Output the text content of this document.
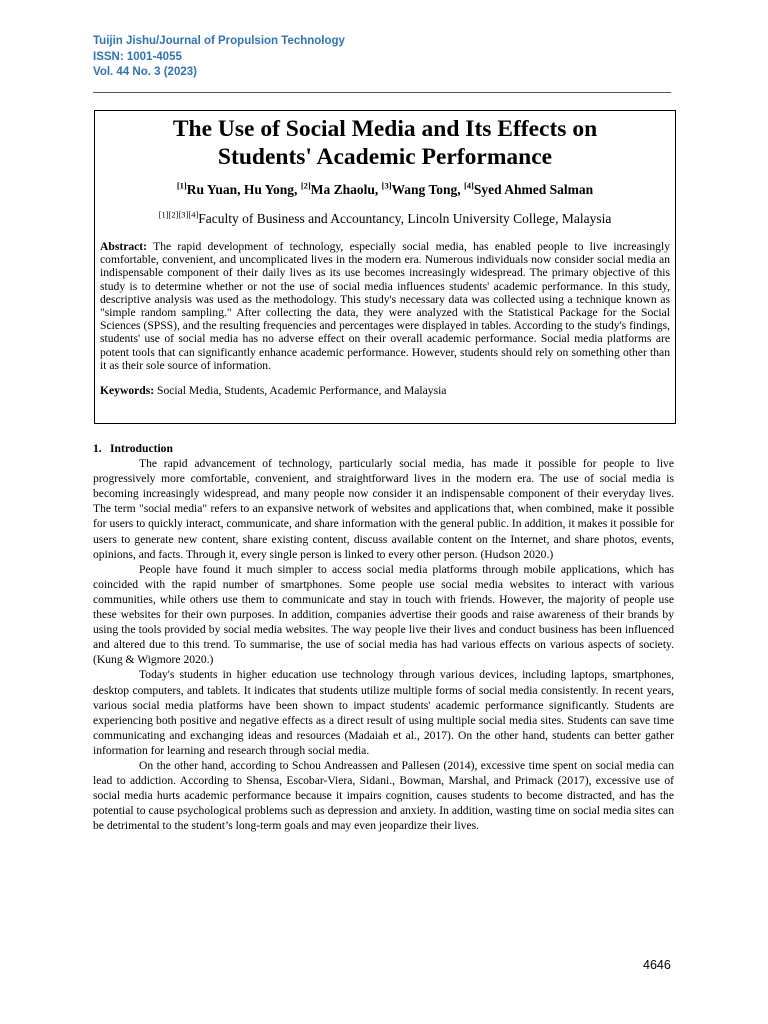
Tuijin Jishu/Journal of Propulsion Technology
ISSN: 1001-4055
Vol. 44 No. 3 (2023)
The Use of Social Media and Its Effects on
Students' Academic Performance
[1]Ru Yuan, Hu Yong, [2]Ma Zhaolu, [3]Wang Tong, [4]Syed Ahmed Salman
[1][2][3][4]Faculty of Business and Accountancy, Lincoln University College, Malaysia
Abstract: The rapid development of technology, especially social media, has enabled people to live increasingly comfortable, convenient, and uncomplicated lives in the modern era. Numerous individuals now consider social media an indispensable component of their daily lives as its use becomes increasingly widespread. The primary objective of this study is to determine whether or not the use of social media influences students' academic performance. In this study, descriptive analysis was used as the methodology. This study's necessary data was collected using a technique known as "simple random sampling." After collecting the data, they were analyzed with the Statistical Package for the Social Sciences (SPSS), and the resulting frequencies and percentages were displayed in tables. According to the study's findings, students' use of social media has no adverse effect on their overall academic performance. Social media platforms are potent tools that can significantly enhance academic performance. However, students should rely on something other than it as their sole source of information.
Keywords: Social Media, Students, Academic Performance, and Malaysia

1. Introduction

The rapid advancement of technology, particularly social media, has made it possible for people to live progressively more comfortable, convenient, and straightforward lives in the modern era. The use of social media is becoming increasingly widespread, and many people now consider it an indispensable component of their everyday lives. The term "social media" refers to an expansive network of websites and applications that, when combined, make it possible for users to quickly interact, communicate, and share information with the general public. In addition, it makes it possible for users to generate new content, share existing content, discuss available content on the Internet, and share photos, events, opinions, and facts. Through it, every single person is linked to every other person. (Hudson 2020.)

People have found it much simpler to access social media platforms through mobile applications, which has coincided with the rapid number of smartphones. Some people use social media websites to interact with various communities, while others use them to communicate and stay in touch with friends. However, the majority of people use these websites for their own purposes. In addition, companies advertise their goods and raise awareness of their brands by using the tools provided by social media websites. The way people live their lives and conduct business has been influenced and altered due to this trend. To summarise, the use of social media has had various effects on various aspects of society. (Kung & Wigmore 2020.)

Today's students in higher education use technology through various devices, including laptops, smartphones, desktop computers, and tablets. It indicates that students utilize multiple forms of social media consistently. In recent years, various social media platforms have been shown to impact students' academic performance significantly. Students are experiencing both positive and negative effects as a direct result of using multiple social media sites. Students can save time communicating and exchanging ideas and resources (Madaiah et al., 2017). On the other hand, students can better gather information for learning and research through social media.

On the other hand, according to Schou Andreassen and Pallesen (2014), excessive time spent on social media can lead to addiction. According to Shensa, Escobar-Viera, Sidani., Bowman, Marshal, and Primack (2017), excessive use of social media hurts academic performance because it impairs cognition, causes students to become distracted, and has the potential to cause psychological problems such as depression and anxiety. In addition, wasting time on social media sites can be detrimental to the student’s long-term goals and may even jeopardize their lives.

4646
